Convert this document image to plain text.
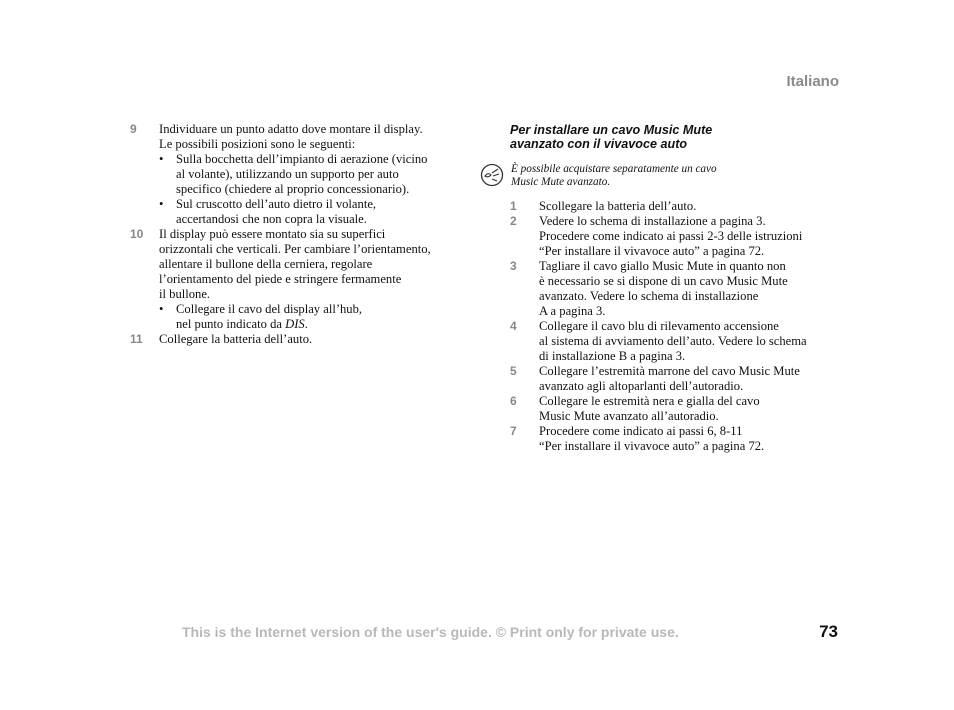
Italiano
9	Individuare un punto adatto dove montare il display.
Le possibili posizioni sono le seguenti:
• Sulla bocchetta dell’impianto di aerazione (vicino
al volante), utilizzando un supporto per auto
specifico (chiedere al proprio concessionario).
• Sul cruscotto dell’auto dietro il volante,
accertandosi che non copra la visuale.
10	Il display può essere montato sia su superfici
orizzontali che verticali. Per cambiare l’orientamento,
allentare il bullone della cerniera, regolare
l’orientamento del piede e stringere fermamente
il bullone.
• Collegare il cavo del display all’hub,
nel punto indicato da DIS.
11	Collegare la batteria dell’auto.
Per installare un cavo Music Mute
avanzato con il vivavoce auto
È possibile acquistare separatamente un cavo
Music Mute avanzato.
1	Scollegare la batteria dell’auto.
2	Vedere lo schema di installazione a pagina 3.
Procedere come indicato ai passi 2-3 delle istruzioni
“Per installare il vivavoce auto” a pagina 72.
3	Tagliare il cavo giallo Music Mute in quanto non
è necessario se si dispone di un cavo Music Mute
avanzato. Vedere lo schema di installazione
A a pagina 3.
4	Collegare il cavo blu di rilevamento accensione
al sistema di avviamento dell’auto. Vedere lo schema
di installazione B a pagina 3.
5	Collegare l’estremità marrone del cavo Music Mute
avanzato agli altoparlanti dell’autoradio.
6	Collegare le estremità nera e gialla del cavo
Music Mute avanzato all’autoradio.
7	Procedere come indicato ai passi 6, 8-11
“Per installare il vivavoce auto” a pagina 72.
This is the Internet version of the user's guide. © Print only for private use.	73
